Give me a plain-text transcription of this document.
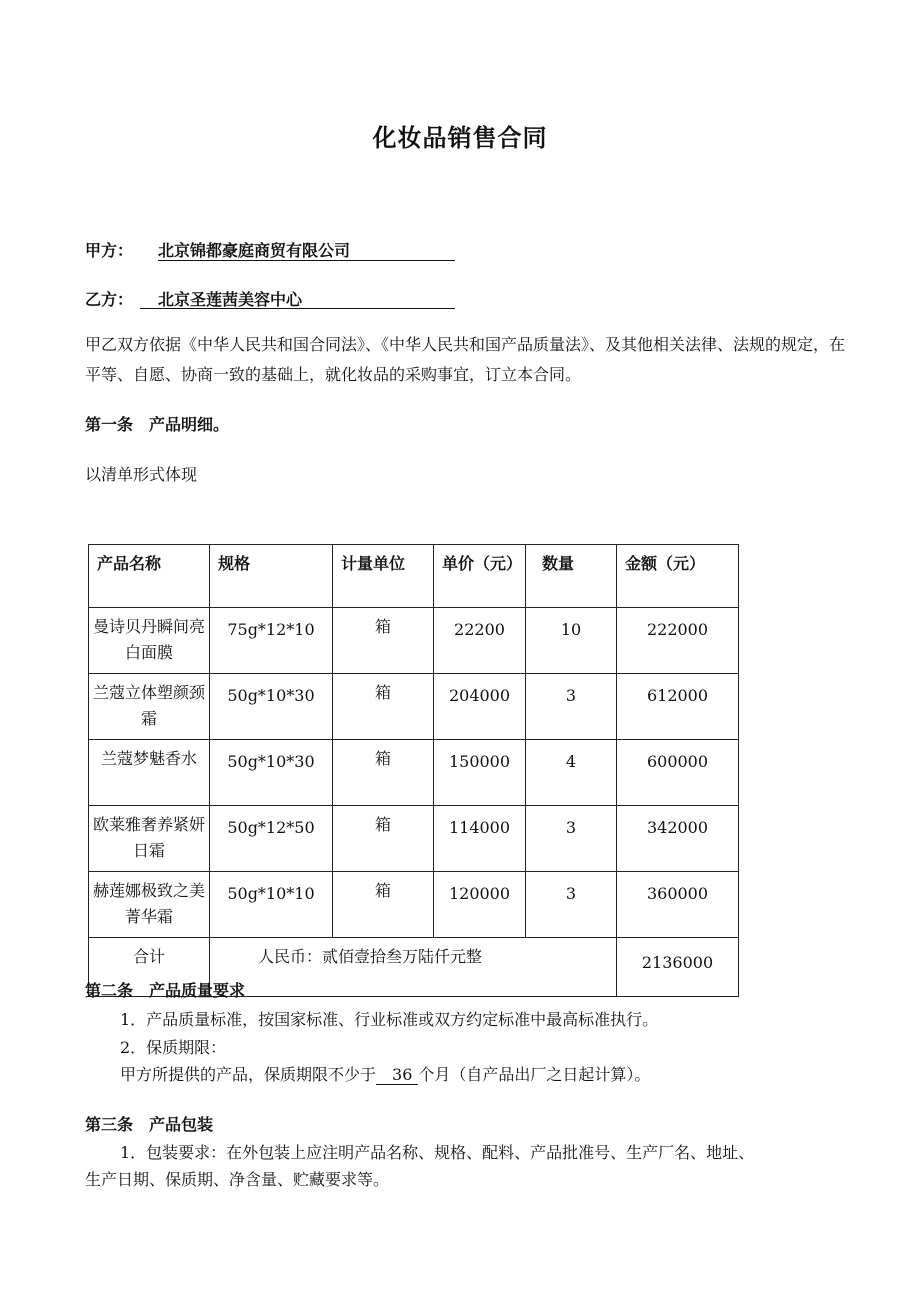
化妆品销售合同
甲方： 北京锦都豪庭商贸有限公司
乙方：	北京圣莲茜美容中心
甲乙双方依据《中华人民共和国合同法》、《中华人民共和国产品质量法》、及其他相关法律、法规的规定，在平等、自愿、协商一致的基础上，就化妆品的采购事宜，订立本合同。
第一条 产品明细。
以清单形式体现
产品名称	规格	计量单位	单价（元）	数量	金额（元）
曼诗贝丹瞬间亮白面膜	75g*12*10	箱	22200	10	222000
兰蔻立体塑颜颈霜	50g*10*30	箱	204000	3	612000
兰蔻梦魅香水	50g*10*30	箱	150000	4	600000
欧莱雅奢养紧妍日霜	50g*12*50	箱	114000	3	342000
赫莲娜极致之美菁华霜	50g*10*10	箱	120000	3	360000
合计	人民币：贰佰壹拾叁万陆仟元整				2136000
第二条 产品质量要求
1．产品质量标准，按国家标准、行业标准或双方约定标准中最高标准执行。
2．保质期限：
甲方所提供的产品，保质期限不少于 36 个月（自产品出厂之日起计算）。
第三条 产品包装
1．包装要求：在外包装上应注明产品名称、规格、配料、产品批准号、生产厂名、地址、
生产日期、保质期、净含量、贮藏要求等。
